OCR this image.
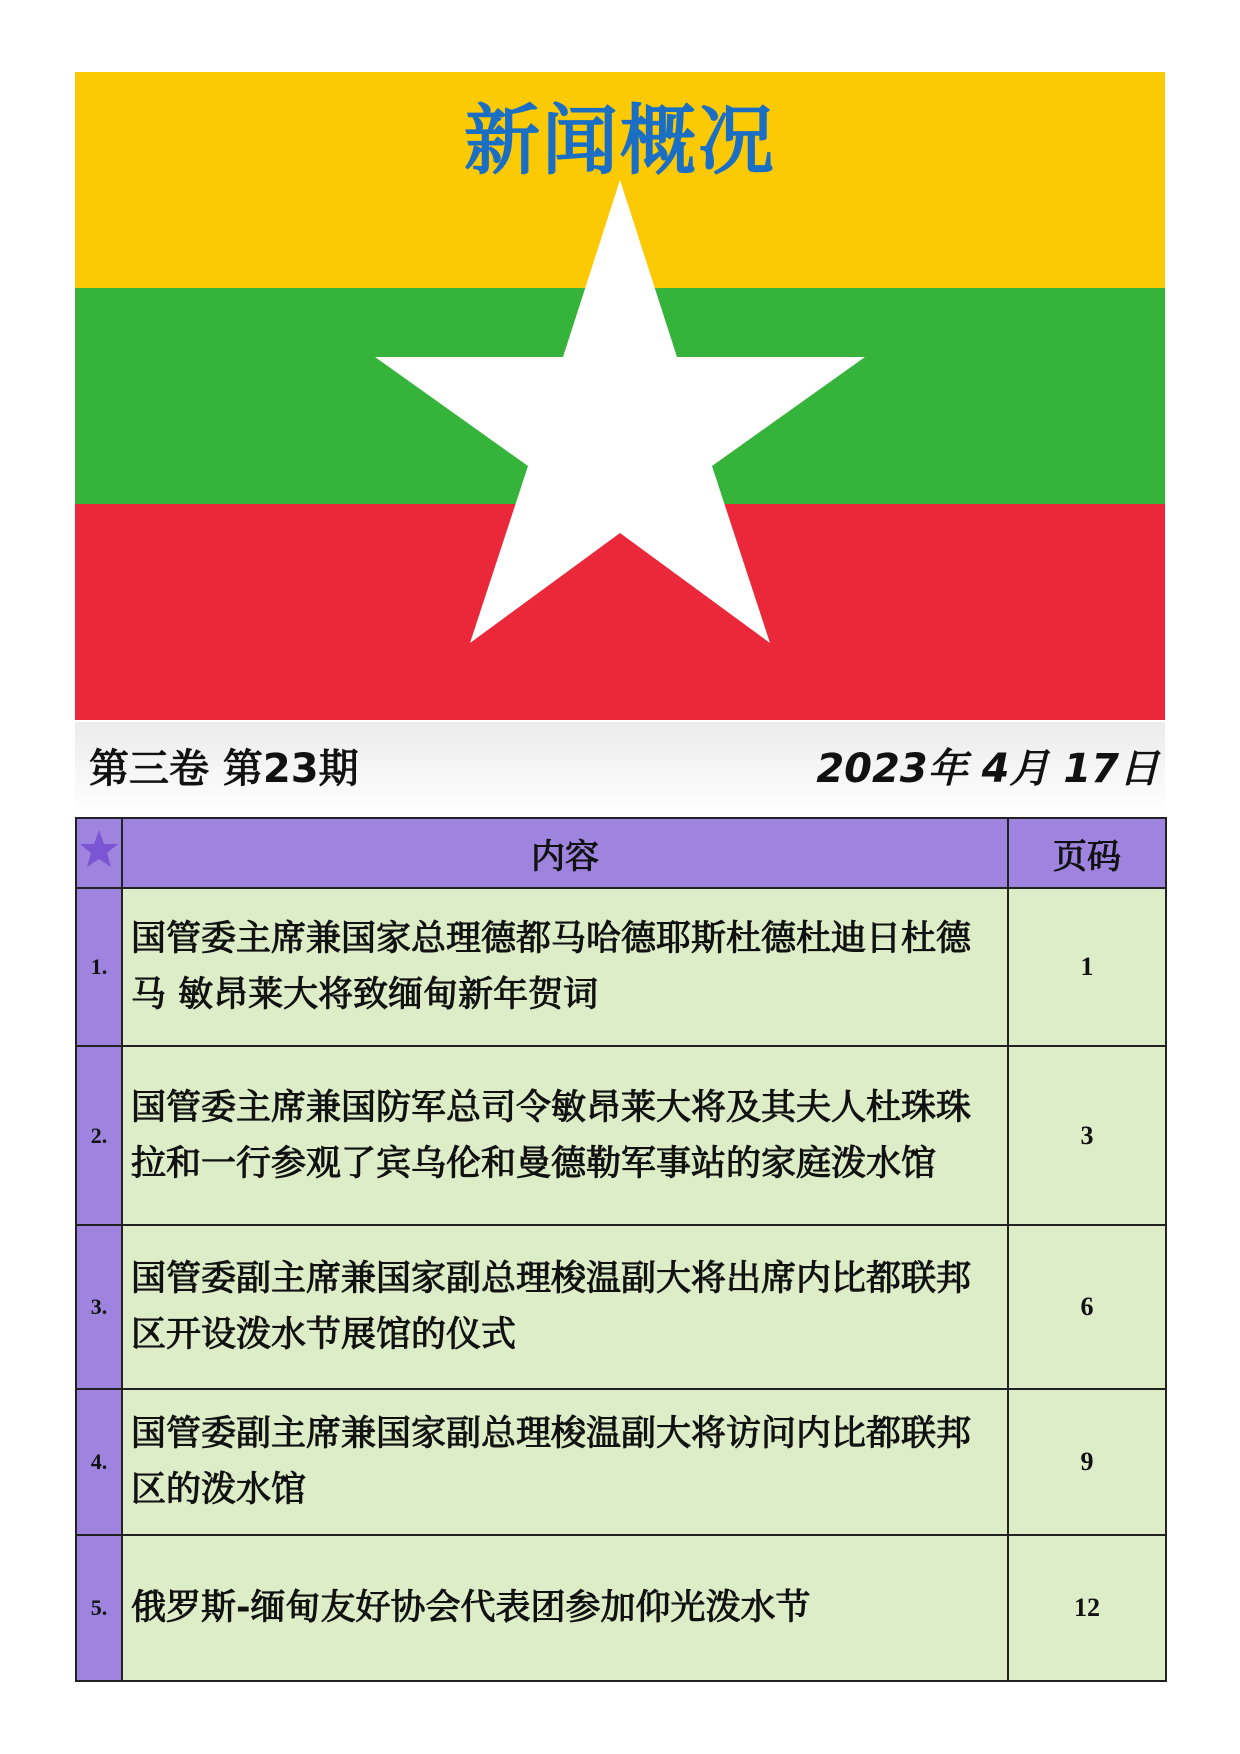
新闻概况
第三卷 第23期	2023年 4月 17日
	内容	页码
1.	国管委主席兼国家总理德都马哈德耶斯杜德杜迪日杜德马 敏昂莱大将致缅甸新年贺词	1
2.	国管委主席兼国防军总司令敏昂莱大将及其夫人杜珠珠拉和一行参观了宾乌伦和曼德勒军事站的家庭泼水馆	3
3.	国管委副主席兼国家副总理梭温副大将出席内比都联邦区开设泼水节展馆的仪式	6
4.	国管委副主席兼国家副总理梭温副大将访问内比都联邦区的泼水馆	9
5.	俄罗斯-缅甸友好协会代表团参加仰光泼水节	12
